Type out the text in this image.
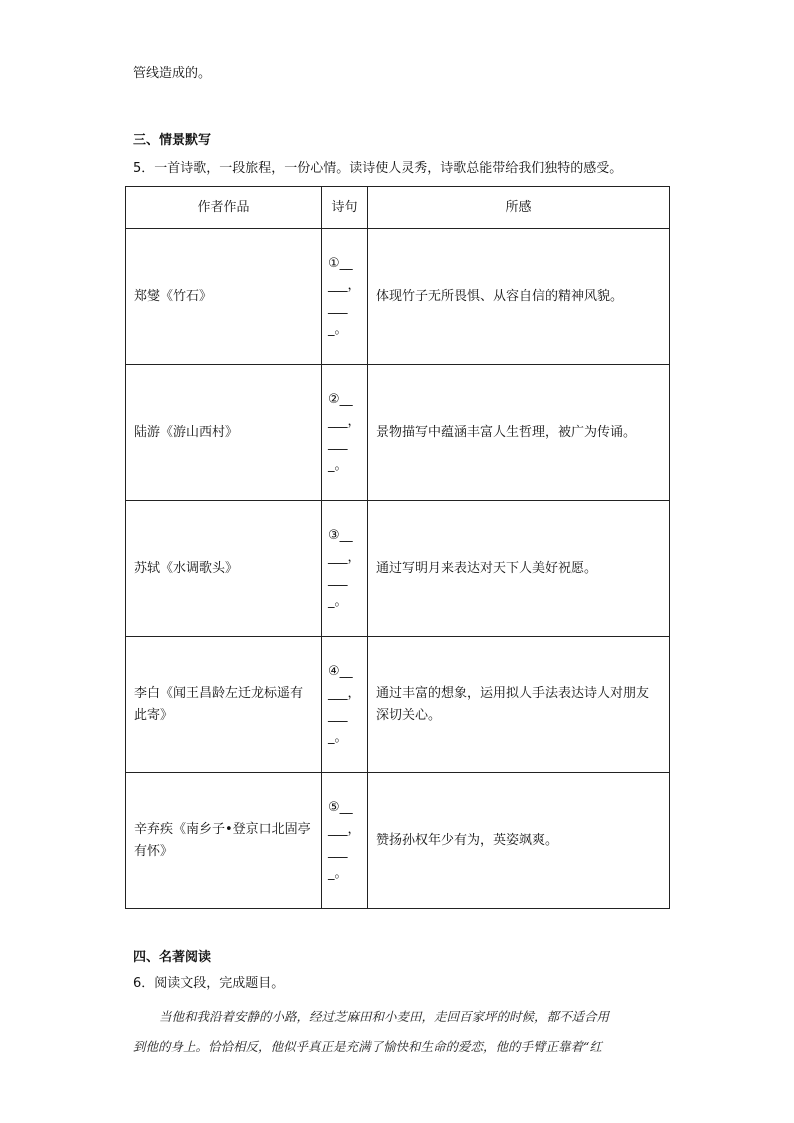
管线造成的。
三、情景默写
5．一首诗歌，一段旅程，一份心情。读诗使人灵秀，诗歌总能带给我们独特的感受。
作者作品	诗句	所感
郑燮《竹石》	①__
___，
___
_。	体现竹子无所畏惧、从容自信的精神风貌。
陆游《游山西村》	②__
___，
___
_。	景物描写中蕴涵丰富人生哲理，被广为传诵。
苏轼《水调歌头》	③__
___，
___
_。	通过写明月来表达对天下人美好祝愿。
李白《闻王昌龄左迁龙标遥有此寄》	④__
___，
___
_。	通过丰富的想象，运用拟人手法表达诗人对朋友深切关心。
辛弃疾《南乡子•登京口北固亭有怀》	⑤__
___，
___
_。	赞扬孙权年少有为，英姿飒爽。
四、名著阅读
6．阅读文段，完成题目。
当他和我沿着安静的小路，经过芝麻田和小麦田，走回百家坪的时候，都不适合用
到他的身上。恰恰相反，他似乎真正是充满了愉快和生命的爱恋，他的手臂正靠着“红
